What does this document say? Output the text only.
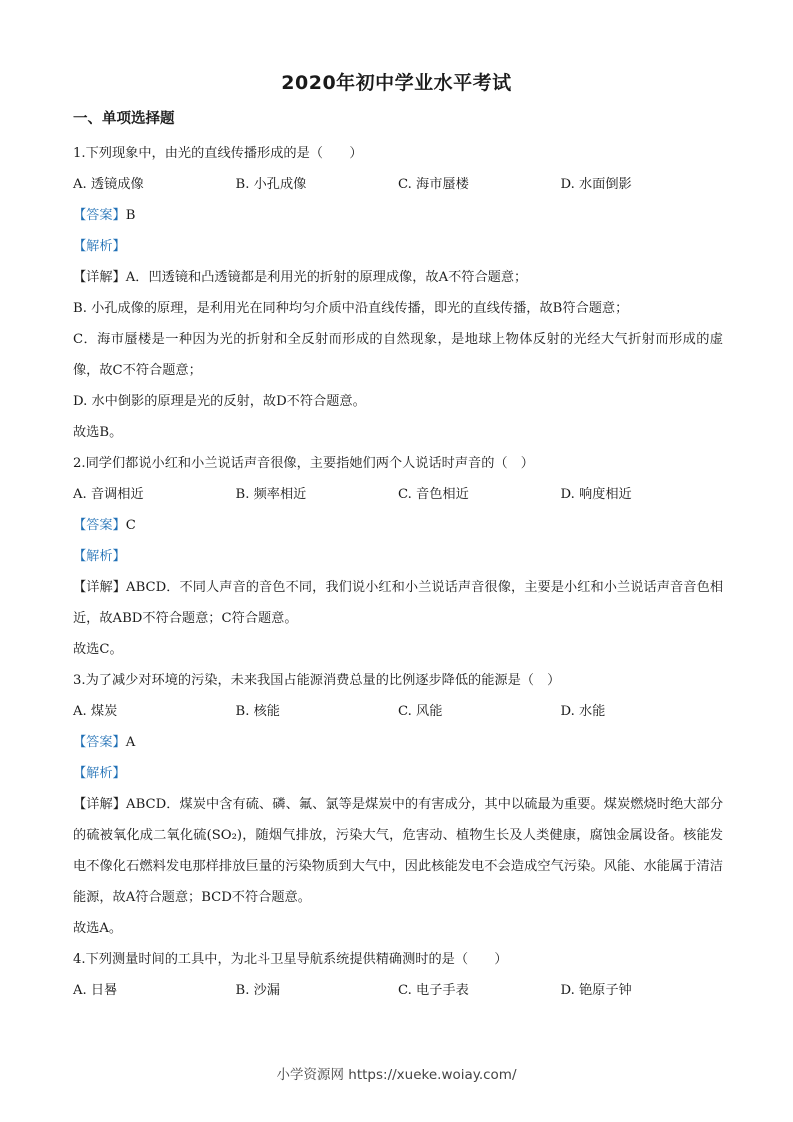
2020年初中学业水平考试
一、单项选择题
1.下列现象中，由光的直线传播形成的是（　　）
A. 透镜成像	B. 小孔成像	C. 海市蜃楼	D. 水面倒影
【答案】B
【解析】
【详解】A．凹透镜和凸透镜都是利用光的折射的原理成像，故A不符合题意；
B. 小孔成像的原理，是利用光在同种均匀介质中沿直线传播，即光的直线传播，故B符合题意；
C．海市蜃楼是一种因为光的折射和全反射而形成的自然现象，是地球上物体反射的光经大气折射而形成的虚像，故C不符合题意；
D. 水中倒影的原理是光的反射，故D不符合题意。
故选B。
2.同学们都说小红和小兰说话声音很像，主要指她们两个人说话时声音的（　）
A. 音调相近	B. 频率相近	C. 音色相近	D. 响度相近
【答案】C
【解析】
【详解】ABCD．不同人声音的音色不同，我们说小红和小兰说话声音很像，主要是小红和小兰说话声音音色相近，故ABD不符合题意；C符合题意。
故选C。
3.为了减少对环境的污染，未来我国占能源消费总量的比例逐步降低的能源是（　）
A. 煤炭	B. 核能	C. 风能	D. 水能
【答案】A
【解析】
【详解】ABCD．煤炭中含有硫、磷、氟、氯等是煤炭中的有害成分，其中以硫最为重要。煤炭燃烧时绝大部分的硫被氧化成二氧化硫(SO₂)，随烟气排放，污染大气，危害动、植物生长及人类健康，腐蚀金属设备。核能发电不像化石燃料发电那样排放巨量的污染物质到大气中，因此核能发电不会造成空气污染。风能、水能属于清洁能源，故A符合题意；BCD不符合题意。
故选A。
4.下列测量时间的工具中，为北斗卫星导航系统提供精确测时的是（　　）
A. 日晷	B. 沙漏	C. 电子手表	D. 铯原子钟
小学资源网 https://xueke.woiay.com/
